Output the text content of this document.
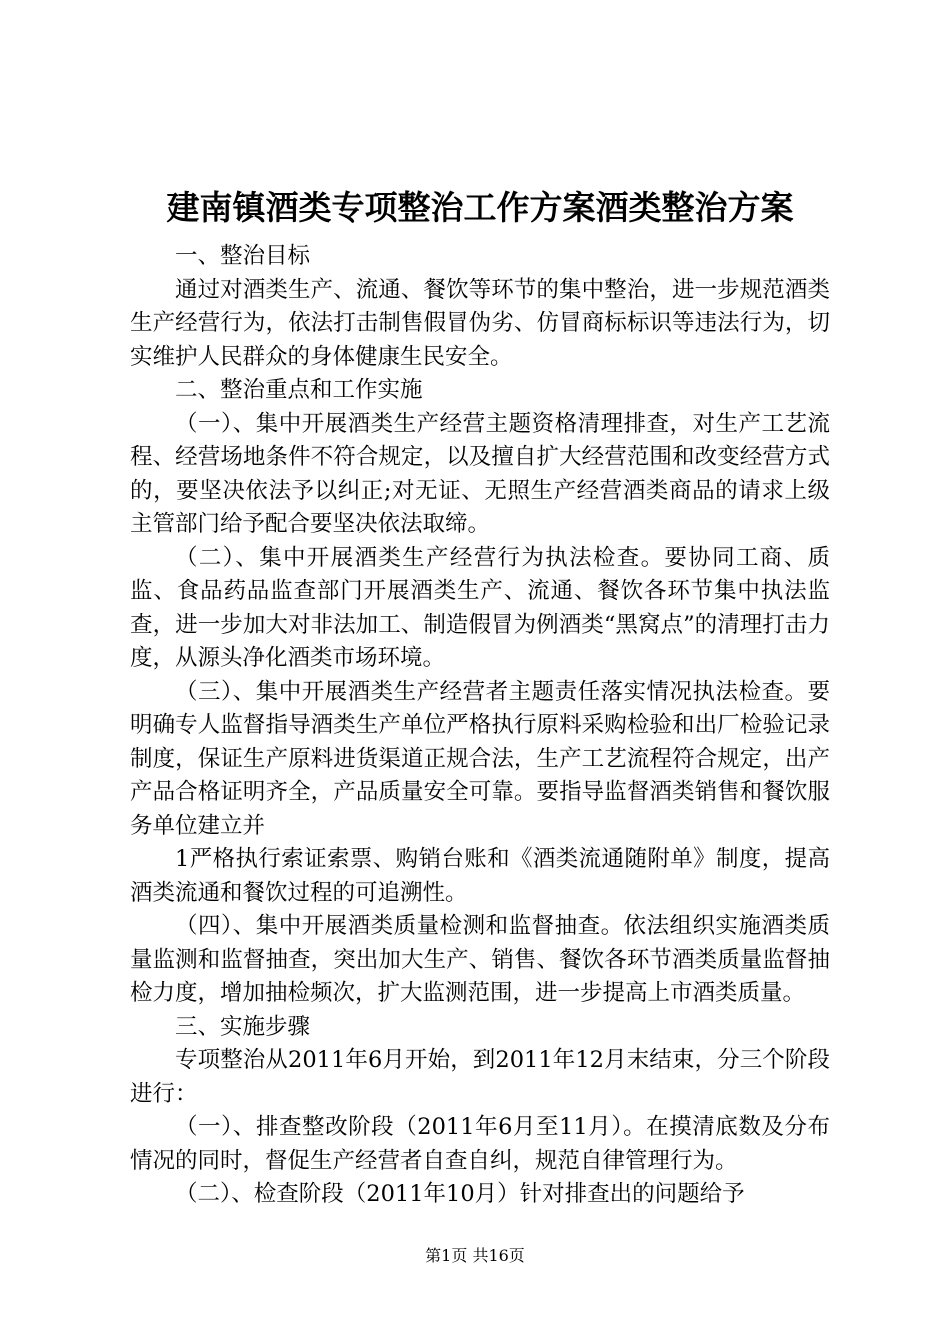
建南镇酒类专项整治工作方案酒类整治方案

一、整治目标

通过对酒类生产、流通、餐饮等环节的集中整治，进一步规范酒类生产经营行为，依法打击制售假冒伪劣、仿冒商标标识等违法行为，切实维护人民群众的身体健康生民安全。

二、整治重点和工作实施

（一）、集中开展酒类生产经营主题资格清理排查，对生产工艺流程、经营场地条件不符合规定，以及擅自扩大经营范围和改变经营方式的，要坚决依法予以纠正;对无证、无照生产经营酒类商品的请求上级主管部门给予配合要坚决依法取缔。

（二）、集中开展酒类生产经营行为执法检查。要协同工商、质监、食品药品监查部门开展酒类生产、流通、餐饮各环节集中执法监查，进一步加大对非法加工、制造假冒为例酒类“黑窝点”的清理打击力度，从源头净化酒类市场环境。

（三）、集中开展酒类生产经营者主题责任落实情况执法检查。要明确专人监督指导酒类生产单位严格执行原料采购检验和出厂检验记录制度，保证生产原料进货渠道正规合法，生产工艺流程符合规定，出产产品合格证明齐全，产品质量安全可靠。要指导监督酒类销售和餐饮服务单位建立并

1严格执行索证索票、购销台账和《酒类流通随附单》制度，提高酒类流通和餐饮过程的可追溯性。

（四）、集中开展酒类质量检测和监督抽查。依法组织实施酒类质量监测和监督抽查，突出加大生产、销售、餐饮各环节酒类质量监督抽检力度，增加抽检频次，扩大监测范围，进一步提高上市酒类质量。

三、实施步骤

专项整治从2011年6月开始，到2011年12月末结束，分三个阶段进行：

（一）、排查整改阶段（2011年6月至11月）。在摸清底数及分布情况的同时，督促生产经营者自查自纠，规范自律管理行为。

（二）、检查阶段（2011年10月）针对排查出的问题给予

第1页 共16页
